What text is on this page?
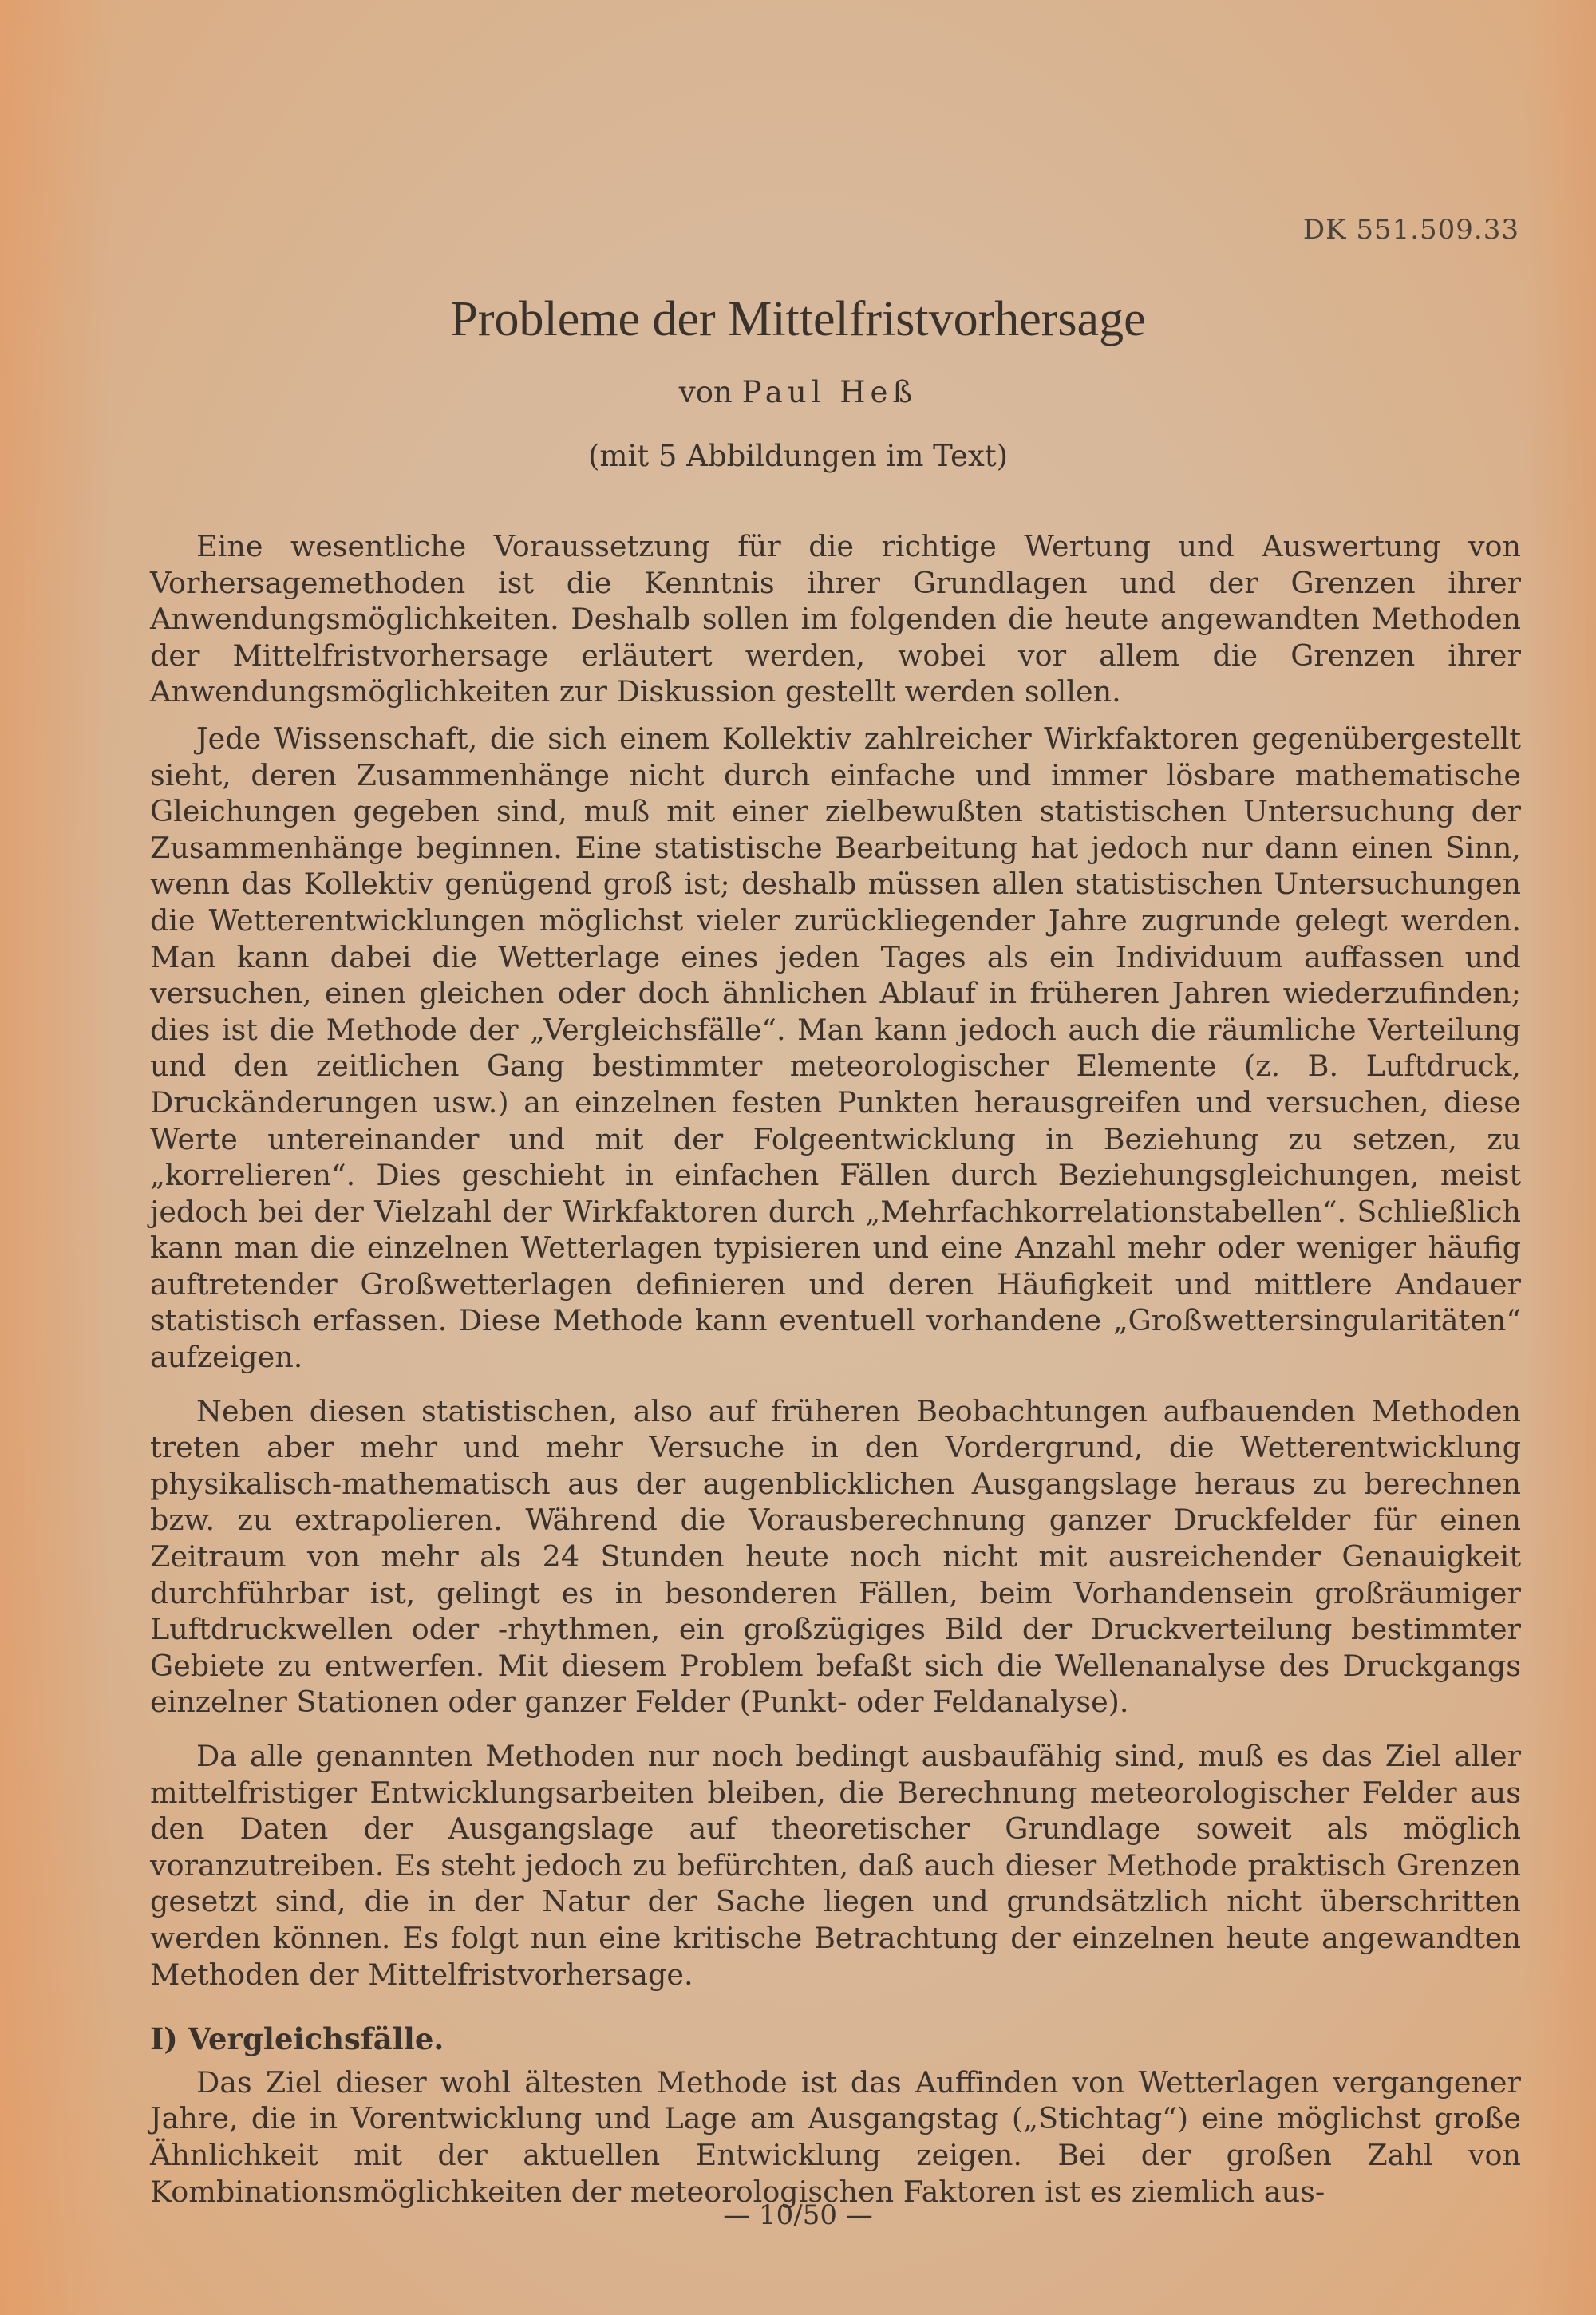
DK 551.509.33
Probleme der Mittelfristvorhersage
von Paul Heß
(mit 5 Abbildungen im Text)

Eine wesentliche Voraussetzung für die richtige Wertung und Auswertung von Vorhersagemethoden ist die Kenntnis ihrer Grundlagen und der Grenzen ihrer Anwendungsmöglichkeiten. Deshalb sollen im folgenden die heute angewandten Methoden der Mittelfristvorhersage erläutert werden, wobei vor allem die Grenzen ihrer Anwendungsmöglichkeiten zur Diskussion gestellt werden sollen.

Jede Wissenschaft, die sich einem Kollektiv zahlreicher Wirkfaktoren gegenübergestellt sieht, deren Zusammenhänge nicht durch einfache und immer lösbare mathematische Gleichungen gegeben sind, muß mit einer zielbewußten statistischen Untersuchung der Zusammenhänge beginnen. Eine statistische Bearbeitung hat jedoch nur dann einen Sinn, wenn das Kollektiv genügend groß ist; deshalb müssen allen statistischen Untersuchungen die Wetterentwicklungen möglichst vieler zurückliegender Jahre zugrunde gelegt werden. Man kann dabei die Wetterlage eines jeden Tages als ein Individuum auffassen und versuchen, einen gleichen oder doch ähnlichen Ablauf in früheren Jahren wiederzufinden; dies ist die Methode der „Vergleichsfälle“. Man kann jedoch auch die räumliche Verteilung und den zeitlichen Gang bestimmter meteorologischer Elemente (z. B. Luftdruck, Druckänderungen usw.) an einzelnen festen Punkten herausgreifen und versuchen, diese Werte untereinander und mit der Folgeentwicklung in Beziehung zu setzen, zu „korrelieren“. Dies geschieht in einfachen Fällen durch Beziehungsgleichungen, meist jedoch bei der Vielzahl der Wirkfaktoren durch „Mehrfachkorrelationstabellen“. Schließlich kann man die einzelnen Wetterlagen typisieren und eine Anzahl mehr oder weniger häufig auftretender Großwetterlagen definieren und deren Häufigkeit und mittlere Andauer statistisch erfassen. Diese Methode kann eventuell vorhandene „Großwettersingularitäten“ aufzeigen.

Neben diesen statistischen, also auf früheren Beobachtungen aufbauenden Methoden treten aber mehr und mehr Versuche in den Vordergrund, die Wetterentwicklung physikalisch-mathematisch aus der augenblicklichen Ausgangslage heraus zu berechnen bzw. zu extrapolieren. Während die Vorausberechnung ganzer Druckfelder für einen Zeitraum von mehr als 24 Stunden heute noch nicht mit ausreichender Genauigkeit durchführbar ist, gelingt es in besonderen Fällen, beim Vorhandensein großräumiger Luftdruckwellen oder -rhythmen, ein großzügiges Bild der Druckverteilung bestimmter Gebiete zu entwerfen. Mit diesem Problem befaßt sich die Wellenanalyse des Druckgangs einzelner Stationen oder ganzer Felder (Punkt- oder Feldanalyse).

Da alle genannten Methoden nur noch bedingt ausbaufähig sind, muß es das Ziel aller mittelfristiger Entwicklungsarbeiten bleiben, die Berechnung meteorologischer Felder aus den Daten der Ausgangslage auf theoretischer Grundlage soweit als möglich voranzutreiben. Es steht jedoch zu befürchten, daß auch dieser Methode praktisch Grenzen gesetzt sind, die in der Natur der Sache liegen und grundsätzlich nicht überschritten werden können. Es folgt nun eine kritische Betrachtung der einzelnen heute angewandten Methoden der Mittelfristvorhersage.

I) Vergleichsfälle.

Das Ziel dieser wohl ältesten Methode ist das Auffinden von Wetterlagen vergangener Jahre, die in Vorentwicklung und Lage am Ausgangstag („Stichtag“) eine möglichst große Ähnlichkeit mit der aktuellen Entwicklung zeigen. Bei der großen Zahl von Kombinationsmöglichkeiten der meteorologischen Faktoren ist es ziemlich aus-

— 10/50 —
